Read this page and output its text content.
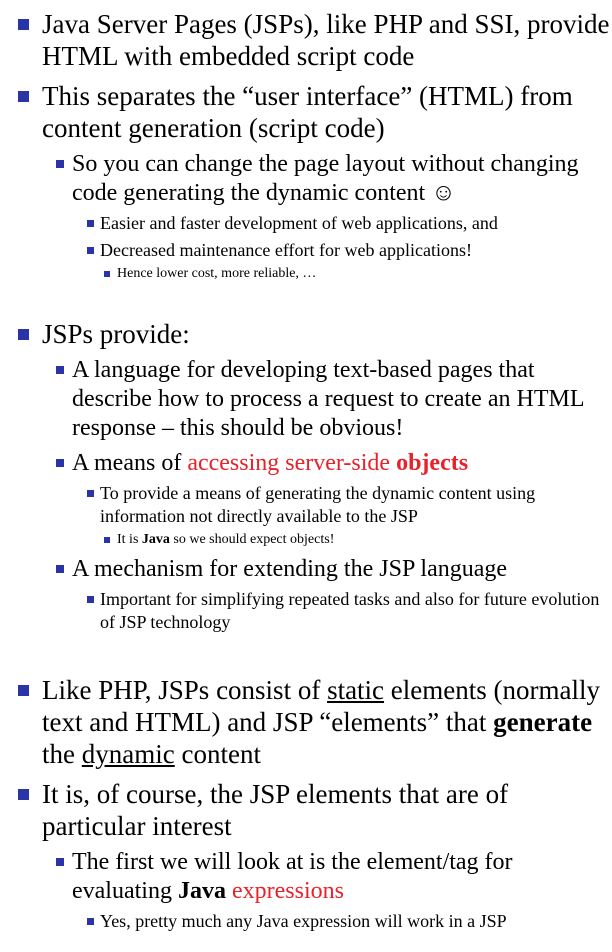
Java Server Pages (JSPs), like PHP and SSI, provide HTML with embedded script code
This separates the “user interface” (HTML) from content generation (script code)
So you can change the page layout without changing code generating the dynamic content ☺
Easier and faster development of web applications, and
Decreased maintenance effort for web applications!
Hence lower cost, more reliable, …
JSPs provide:
A language for developing text-based pages that describe how to process a request to create an HTML response – this should be obvious!
A means of accessing server-side objects
To provide a means of generating the dynamic content using information not directly available to the JSP
It is Java so we should expect objects!
A mechanism for extending the JSP language
Important for simplifying repeated tasks and also for future evolution of JSP technology
Like PHP, JSPs consist of static elements (normally text and HTML) and JSP “elements” that generate the dynamic content
It is, of course, the JSP elements that are of particular interest
The first we will look at is the element/tag for evaluating Java expressions
Yes, pretty much any Java expression will work in a JSP
